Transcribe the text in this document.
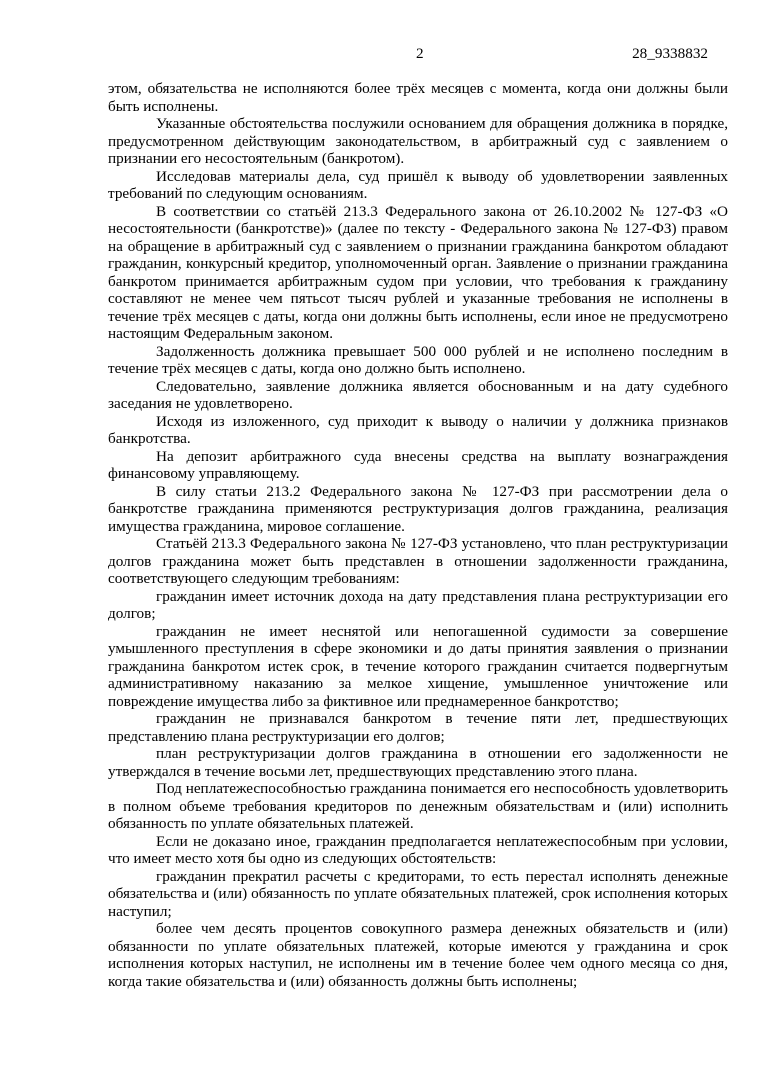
2	28_9338832

этом, обязательства не исполняются более трёх месяцев с момента, когда они должны были быть исполнены.

Указанные обстоятельства послужили основанием для обращения должника в порядке, предусмотренном действующим законодательством, в арбитражный суд с заявлением о признании его несостоятельным (банкротом).

Исследовав материалы дела, суд пришёл к выводу об удовлетворении заявленных требований по следующим основаниям.

В соответствии со статьёй 213.3 Федерального закона от 26.10.2002 № 127-ФЗ «О несостоятельности (банкротстве)» (далее по тексту - Федерального закона № 127-ФЗ) правом на обращение в арбитражный суд с заявлением о признании гражданина банкротом обладают гражданин, конкурсный кредитор, уполномоченный орган. Заявление о признании гражданина банкротом принимается арбитражным судом при условии, что требования к гражданину составляют не менее чем пятьсот тысяч рублей и указанные требования не исполнены в течение трёх месяцев с даты, когда они должны быть исполнены, если иное не предусмотрено настоящим Федеральным законом.

Задолженность должника превышает 500 000 рублей и не исполнено последним в течение трёх месяцев с даты, когда оно должно быть исполнено.

Следовательно, заявление должника является обоснованным и на дату судебного заседания не удовлетворено.

Исходя из изложенного, суд приходит к выводу о наличии у должника признаков банкротства.

На депозит арбитражного суда внесены средства на выплату вознаграждения финансовому управляющему.

В силу статьи 213.2 Федерального закона № 127-ФЗ при рассмотрении дела о банкротстве гражданина применяются реструктуризация долгов гражданина, реализация имущества гражданина, мировое соглашение.

Статьёй 213.3 Федерального закона № 127-ФЗ установлено, что план реструктуризации долгов гражданина может быть представлен в отношении задолженности гражданина, соответствующего следующим требованиям:

гражданин имеет источник дохода на дату представления плана реструктуризации его долгов;

гражданин не имеет неснятой или непогашенной судимости за совершение умышленного преступления в сфере экономики и до даты принятия заявления о признании гражданина банкротом истек срок, в течение которого гражданин считается подвергнутым административному наказанию за мелкое хищение, умышленное уничтожение или повреждение имущества либо за фиктивное или преднамеренное банкротство;

гражданин не признавался банкротом в течение пяти лет, предшествующих представлению плана реструктуризации его долгов;

план реструктуризации долгов гражданина в отношении его задолженности не утверждался в течение восьми лет, предшествующих представлению этого плана.

Под неплатежеспособностью гражданина понимается его неспособность удовлетворить в полном объеме требования кредиторов по денежным обязательствам и (или) исполнить обязанность по уплате обязательных платежей.

Если не доказано иное, гражданин предполагается неплатежеспособным при условии, что имеет место хотя бы одно из следующих обстоятельств:

гражданин прекратил расчеты с кредиторами, то есть перестал исполнять денежные обязательства и (или) обязанность по уплате обязательных платежей, срок исполнения которых наступил;

более чем десять процентов совокупного размера денежных обязательств и (или) обязанности по уплате обязательных платежей, которые имеются у гражданина и срок исполнения которых наступил, не исполнены им в течение более чем одного месяца со дня, когда такие обязательства и (или) обязанность должны быть исполнены;
